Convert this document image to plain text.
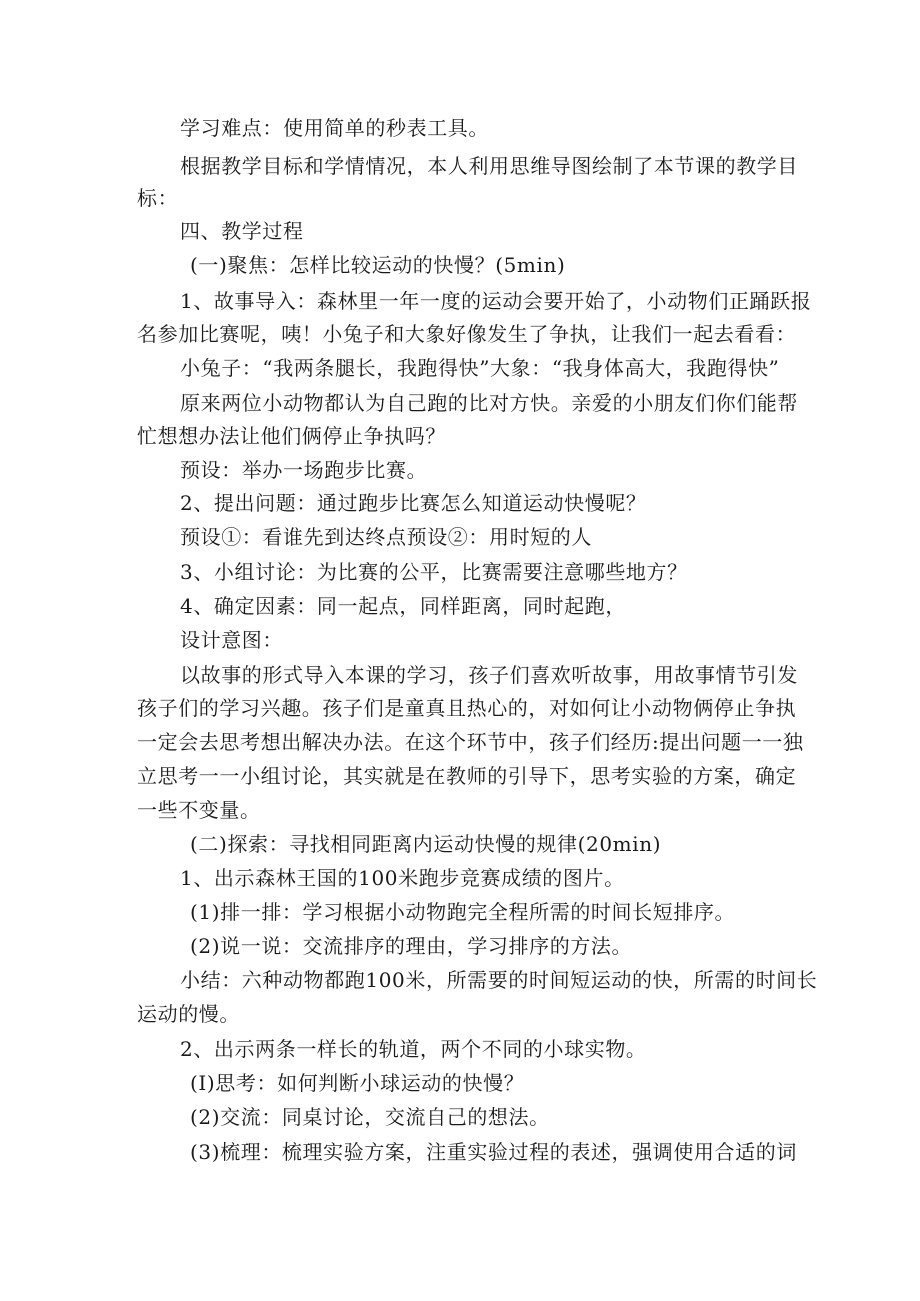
学习难点：使用简单的秒表工具。
根据教学目标和学情情况，本人利用思维导图绘制了本节课的教学目
标：
四、教学过程
(一)聚焦：怎样比较运动的快慢？(5min)
1、故事导入：森林里一年一度的运动会要开始了，小动物们正踊跃报
名参加比赛呢，咦！小兔子和大象好像发生了争执，让我们一起去看看：
小兔子：“我两条腿长，我跑得快”大象：“我身体高大，我跑得快”
原来两位小动物都认为自己跑的比对方快。亲爱的小朋友们你们能帮
忙想想办法让他们俩停止争执吗？
预设：举办一场跑步比赛。
2、提出问题：通过跑步比赛怎么知道运动快慢呢？
预设①：看谁先到达终点预设②：用时短的人
3、小组讨论：为比赛的公平，比赛需要注意哪些地方？
4、确定因素：同一起点，同样距离，同时起跑，
设计意图：
以故事的形式导入本课的学习，孩子们喜欢听故事，用故事情节引发
孩子们的学习兴趣。孩子们是童真且热心的，对如何让小动物俩停止争执
一定会去思考想出解决办法。在这个环节中，孩子们经历:提出问题一一独
立思考一一小组讨论，其实就是在教师的引导下，思考实验的方案，确定
一些不变量。
(二)探索：寻找相同距离内运动快慢的规律(20min)
1、出示森林王国的100米跑步竞赛成绩的图片。
(1)排一排：学习根据小动物跑完全程所需的时间长短排序。
(2)说一说：交流排序的理由，学习排序的方法。
小结：六种动物都跑100米，所需要的时间短运动的快，所需的时间长
运动的慢。
2、出示两条一样长的轨道，两个不同的小球实物。
(I)思考：如何判断小球运动的快慢？
(2)交流：同桌讨论，交流自己的想法。
(3)梳理：梳理实验方案，注重实验过程的表述，强调使用合适的词
